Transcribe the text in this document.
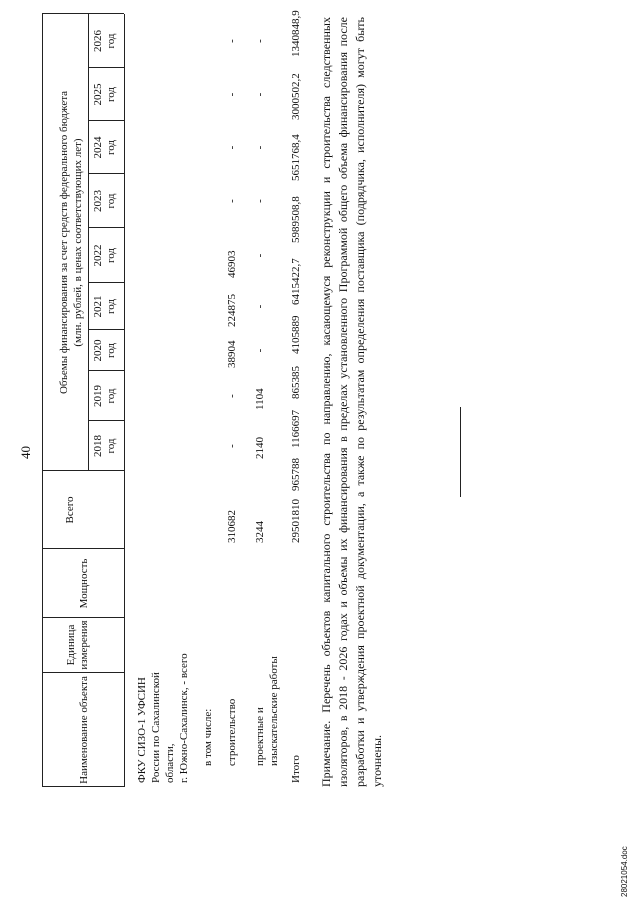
40
Наименование объекта
Единица измерения
Мощность
Всего
Объемы финансирования за счет средств федерального бюджета (млн. рублей, в ценах соответствующих лет)
2018
год
2019
год
2020
год
2021
год
2022
год
2023
год
2024
год
2025
год
2026
год
ФКУ СИЗО-1 УФСИН России по Сахалинской области, г. Южно-Сахалинск, - всего в том числе: строительство
310682
-
-
38904
224875
46903
-
-
-
-
проектные и изыскательские работы
3244
2140
1104
-
-
-
-
-
-
-
Итого
29501810
965788
1166697
865385
4105889
6415422,7
5989508,8
5651768,4
3000502,2
1340848,9 Примечание. Перечень объектов капитального строительства по направлению, касающемуся реконструкции и строительства следственных изоляторов, в 2018 - 2026 годах и объемы их финансирования в пределах установленного Программой общего объема финансирования после разработки и утверждения проектной документации, а также по результатам определения поставщика (подрядчика, исполнителя) могут быть уточнены.
28021054.doc
